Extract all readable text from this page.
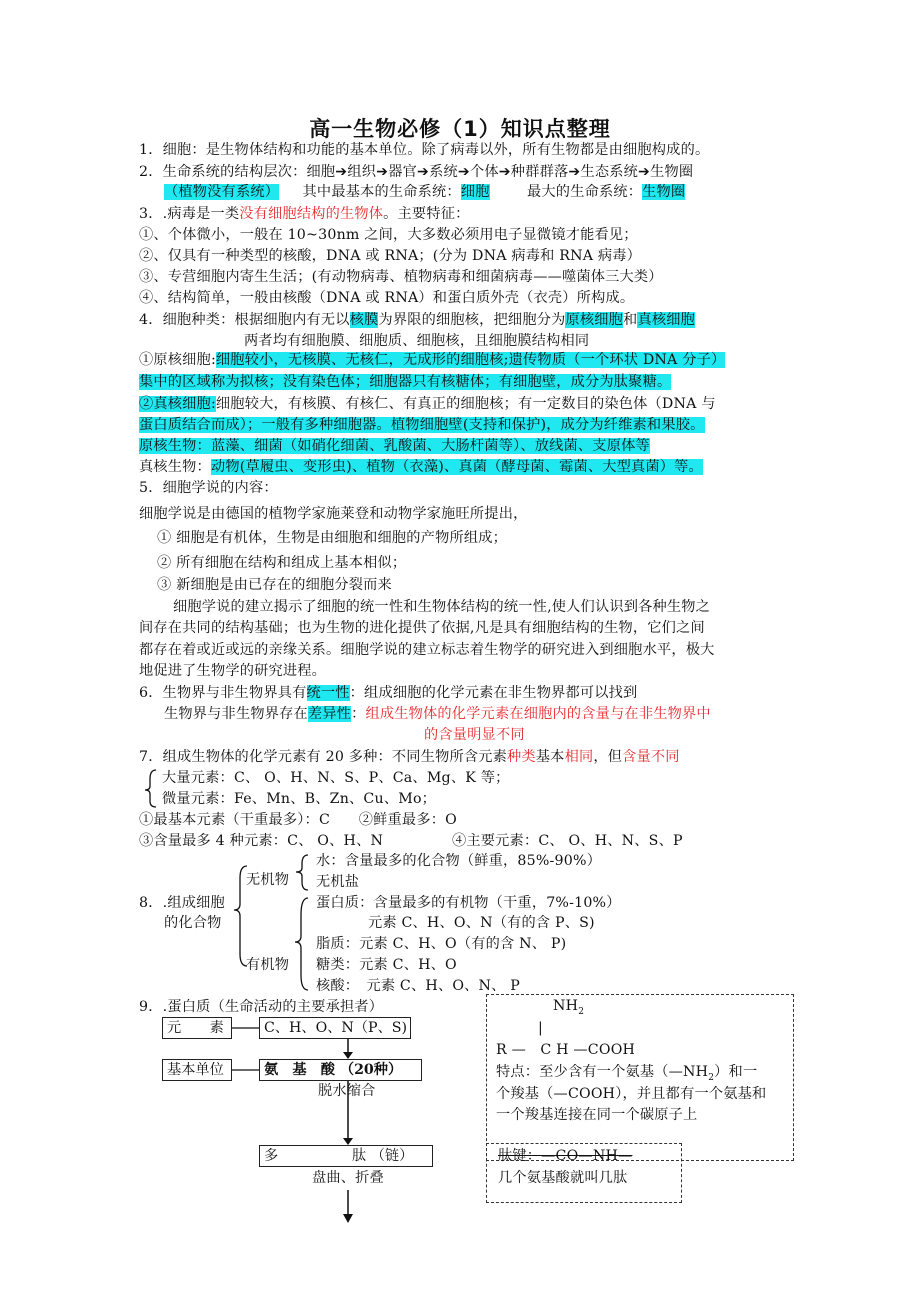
高一生物必修（1）知识点整理
1．细胞：是生物体结构和功能的基本单位。除了病毒以外，所有生物都是由细胞构成的。
2．生命系统的结构层次：细胞➔组织➔器官➔系统➔个体➔种群群落➔生态系统➔生物圈
（植物没有系统） 其中最基本的生命系统：细胞	最大的生命系统：生物圈
3．.病毒是一类没有细胞结构的生物体。主要特征：
①、个体微小，一般在 10~30nm 之间，大多数必须用电子显微镜才能看见；
②、仅具有一种类型的核酸，DNA 或 RNA；(分为 DNA 病毒和 RNA 病毒）
③、专营细胞内寄生生活；(有动物病毒、植物病毒和细菌病毒——噬菌体三大类）
④、结构简单，一般由核酸（DNA 或 RNA）和蛋白质外壳（衣壳）所构成。
4．细胞种类：根据细胞内有无以核膜为界限的细胞核，把细胞分为原核细胞和真核细胞
两者均有细胞膜、细胞质、细胞核，且细胞膜结构相同
①原核细胞:细胞较小，无核膜、无核仁，无成形的细胞核;遗传物质（一个环状 DNA 分子）
集中的区域称为拟核；没有染色体；细胞器只有核糖体；有细胞壁，成分为肽聚糖。
②真核细胞:细胞较大，有核膜、有核仁、有真正的细胞核；有一定数目的染色体（DNA 与
蛋白质结合而成）；一般有多种细胞器。植物细胞壁(支持和保护)，成分为纤维素和果胶。
原核生物：蓝藻、细菌（如硝化细菌、乳酸菌、大肠杆菌等）、放线菌、支原体等
真核生物：动物(草履虫、变形虫)、植物（衣藻)、真菌（酵母菌、霉菌、大型真菌）等。
5．细胞学说的内容：
细胞学说是由德国的植物学家施莱登和动物学家施旺所提出，
① 细胞是有机体，生物是由细胞和细胞的产物所组成；
② 所有细胞在结构和组成上基本相似；
③ 新细胞是由已存在的细胞分裂而来
细胞学说的建立揭示了细胞的统一性和生物体结构的统一性,使人们认识到各种生物之
间存在共同的结构基础；也为生物的进化提供了依据,凡是具有细胞结构的生物，它们之间
都存在着或近或远的亲缘关系。细胞学说的建立标志着生物学的研究进入到细胞水平，极大
地促进了生物学的研究进程。
6．生物界与非生物界具有统一性：组成细胞的化学元素在非生物界都可以找到
生物界与非生物界存在差异性：组成生物体的化学元素在细胞内的含量与在非生物界中
的含量明显不同
7．组成生物体的化学元素有 20 多种：不同生物所含元素种类基本相同，但含量不同
大量元素：C、 O、H、N、S、P、Ca、Mg、K 等；
微量元素：Fe、Mn、B、Zn、Cu、Mo；
①最基本元素（干重最多）：C　　②鲜重最多：O
③含量最多 4 种元素：C、 O、H、N	④主要元素：C、 O、H、N、S、P
8．.组成细胞
的化合物
无机物
水：含量最多的化合物（鲜重，85%-90%）
无机盐
有机物
蛋白质：含量最多的有机物（干重，7%-10%）
元素 C、H、O、N（有的含 P、S)
脂质：元素 C、H、O（有的含 N、 P)
糖类：元素 C、H、O
核酸：　元素 C、H、O、N、 P
9．.蛋白质（生命活动的主要承担者）
元　　素	C、H、O、N（P、S)
基本单位	氨　基　酸 （20种）
脱水缩合
多	肽 （链）
盘曲、折叠
$NH_2$
|
R —　C H —COOH
特点：至少含有一个氨基$(—NH_2)$和一
个羧基（—COOH），并且都有一个氨基和
一个羧基连接在同一个碳原子上
肽键：—CO—NH—
几个氨基酸就叫几肽
